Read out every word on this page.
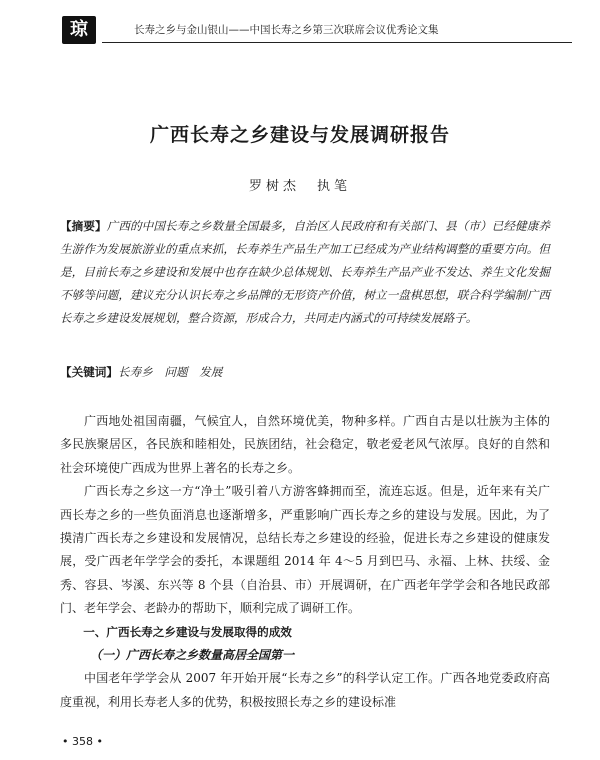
琼	长寿之乡与金山银山——中国长寿之乡第三次联席会议优秀论文集
广西长寿之乡建设与发展调研报告
罗树杰　执笔
【摘要】广西的中国长寿之乡数量全国最多，自治区人民政府和有关部门、县（市）已经健康养生游作为发展旅游业的重点来抓，长寿养生产品生产加工已经成为产业结构调整的重要方向。但是，目前长寿之乡建设和发展中也存在缺少总体规划、长寿养生产品产业不发达、养生文化发掘不够等问题，建议充分认识长寿之乡品牌的无形资产价值，树立一盘棋思想，联合科学编制广西长寿之乡建设发展规划，整合资源，形成合力，共同走内涵式的可持续发展路子。
【关键词】长寿乡　问题　发展

广西地处祖国南疆，气候宜人，自然环境优美，物种多样。广西自古是以壮族为主体的多民族聚居区，各民族和睦相处，民族团结，社会稳定，敬老爱老风气浓厚。良好的自然和社会环境使广西成为世界上著名的长寿之乡。

广西长寿之乡这一方“净土”吸引着八方游客蜂拥而至，流连忘返。但是，近年来有关广西长寿之乡的一些负面消息也逐渐增多，严重影响广西长寿之乡的建设与发展。因此，为了摸清广西长寿之乡建设和发展情况，总结长寿之乡建设的经验，促进长寿之乡建设的健康发展，受广西老年学学会的委托，本课题组 2014 年 4～5 月到巴马、永福、上林、扶绥、金秀、容县、岑溪、东兴等 8 个县（自治县、市）开展调研，在广西老年学学会和各地民政部门、老年学会、老龄办的帮助下，顺利完成了调研工作。

一、广西长寿之乡建设与发展取得的成效

（一）广西长寿之乡数量高居全国第一

中国老年学学会从 2007 年开始开展“长寿之乡”的科学认定工作。广西各地党委政府高度重视，利用长寿老人多的优势，积极按照长寿之乡的建设标准

• 358 •
